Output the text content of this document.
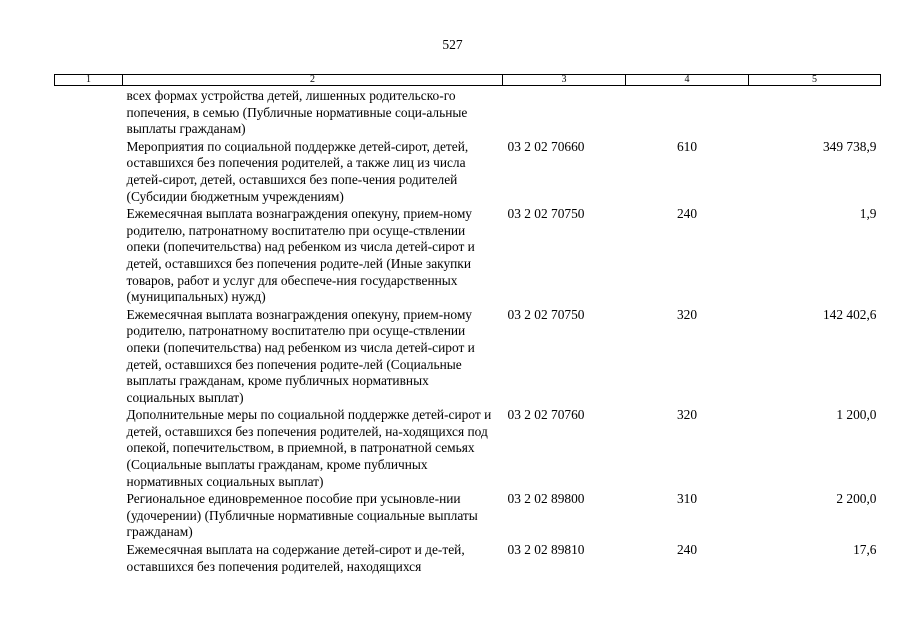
527
1	2	3	4	5
	всех формах устройства детей, лишенных родительско-го попечения, в семью (Публичные нормативные соци-альные выплаты гражданам)			
	Мероприятия по социальной поддержке детей-сирот, детей, оставшихся без попечения родителей, а также лиц из числа детей-сирот, детей, оставшихся без попе-чения родителей (Субсидии бюджетным учреждениям)	03 2 02 70660	610	349 738,9
	Ежемесячная выплата вознаграждения опекуну, прием-ному родителю, патронатному воспитателю при осуще-ствлении опеки (попечительства) над ребенком из числа детей-сирот и детей, оставшихся без попечения родите-лей (Иные закупки товаров, работ и услуг для обеспече-ния государственных (муниципальных) нужд)	03 2 02 70750	240	1,9
	Ежемесячная выплата вознаграждения опекуну, прием-ному родителю, патронатному воспитателю при осуще-ствлении опеки (попечительства) над ребенком из числа детей-сирот и детей, оставшихся без попечения родите-лей (Социальные выплаты гражданам, кроме публичных нормативных социальных выплат)	03 2 02 70750	320	142 402,6
	Дополнительные меры по социальной поддержке детей-сирот и детей, оставшихся без попечения родителей, на-ходящихся под опекой, попечительством, в приемной, в патронатной семьях (Социальные выплаты гражданам, кроме публичных нормативных социальных выплат)	03 2 02 70760	320	1 200,0
	Региональное единовременное пособие при усыновле-нии (удочерении) (Публичные нормативные социальные выплаты гражданам)	03 2 02 89800	310	2 200,0
	Ежемесячная выплата на содержание детей-сирот и де-тей, оставшихся без попечения родителей, находящихся	03 2 02 89810	240	17,6
